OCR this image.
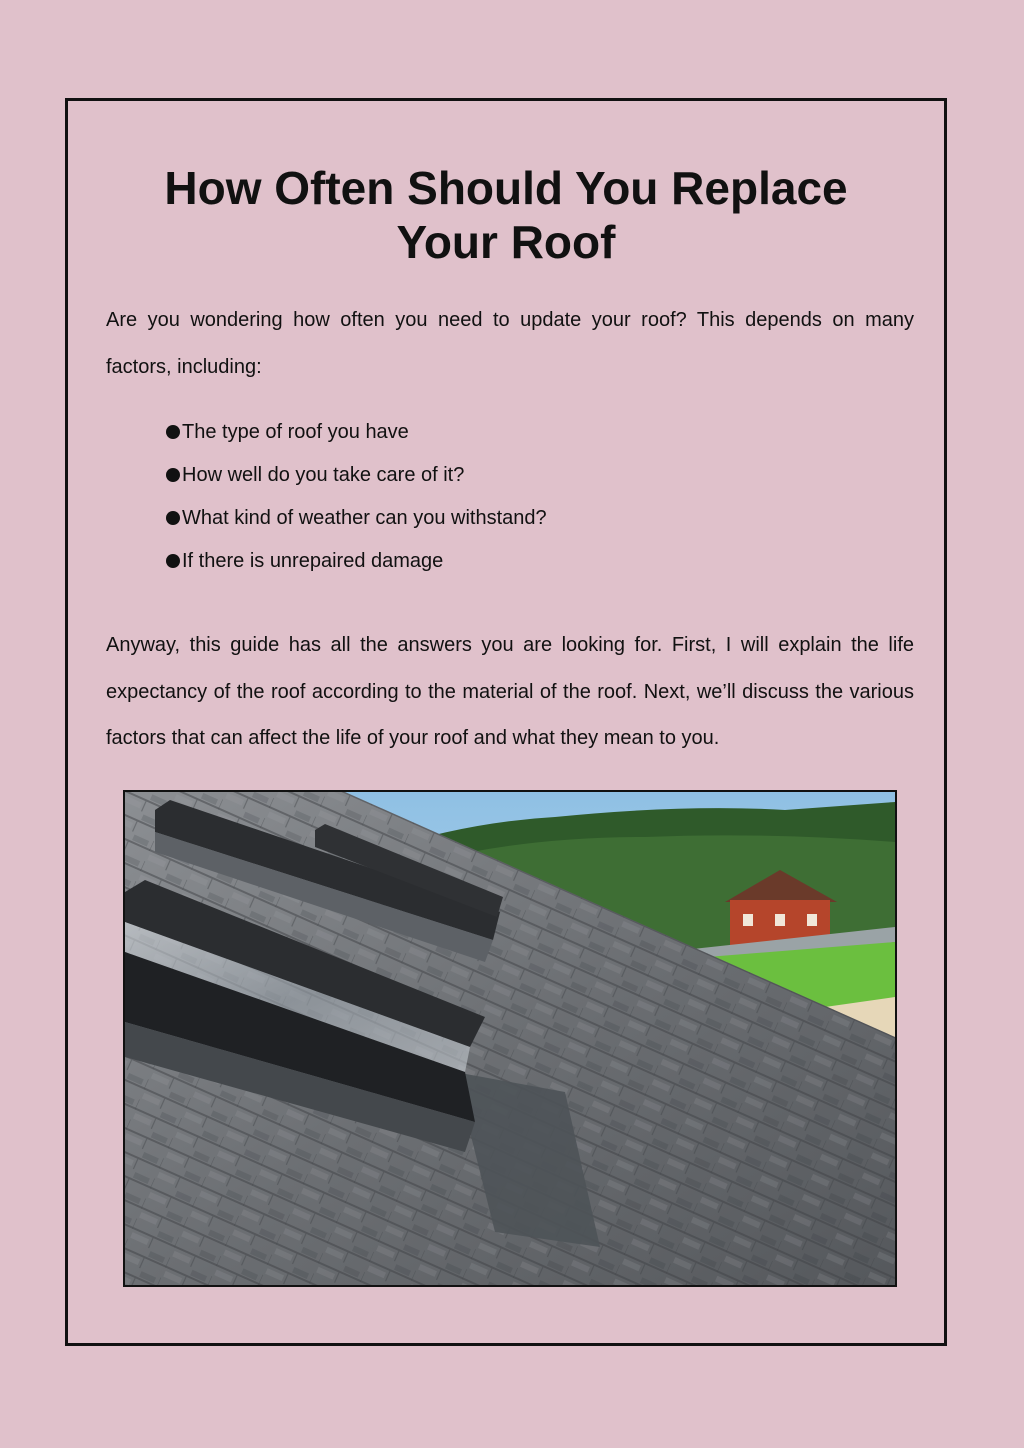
How Often Should You Replace
Your Roof

Are you wondering how often you need to update your roof? This depends on many factors, including:

The type of roof you have
How well do you take care of it?
What kind of weather can you withstand?
If there is unrepaired damage

Anyway, this guide has all the answers you are looking for. First, I will explain the life expectancy of the roof according to the material of the roof. Next, we’ll discuss the various factors that can affect the life of your roof and what they mean to you.
